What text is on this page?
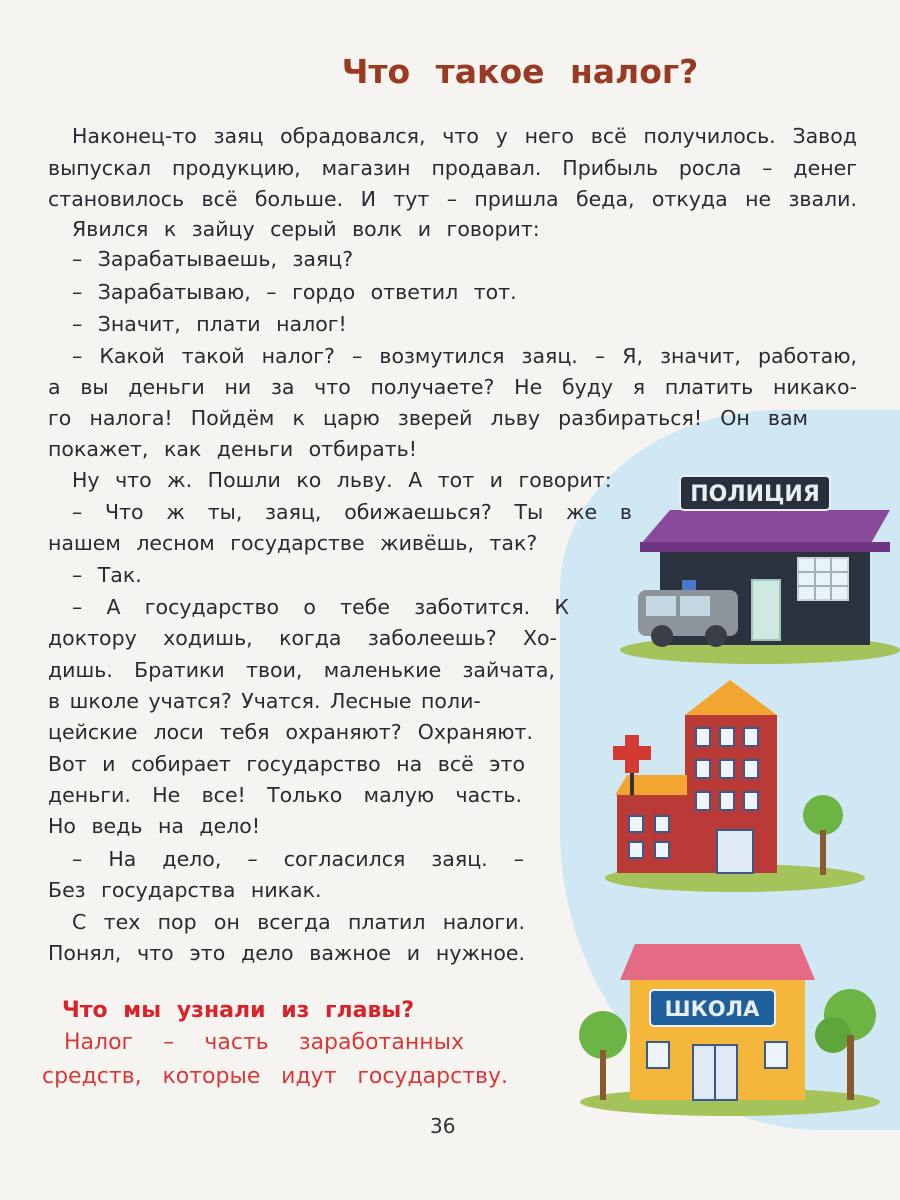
Что такое налог?
Наконец-то заяц обрадовался, что у него всё получилось. Завод
выпускал продукцию, магазин продавал. Прибыль росла – денег
становилось всё больше. И тут – пришла беда, откуда не звали.
Явился к зайцу серый волк и говорит:
– Зарабатываешь, заяц?
– Зарабатываю, – гордо ответил тот.
– Значит, плати налог!
– Какой такой налог? – возмутился заяц. – Я, значит, работаю,
а вы деньги ни за что получаете? Не буду я платить никако-
го налога! Пойдём к царю зверей льву разбираться! Он вам
покажет, как деньги отбирать!
Ну что ж. Пошли ко льву. А тот и говорит:
– Что ж ты, заяц, обижаешься? Ты же в
нашем лесном государстве живёшь, так?
– Так.
– А государство о тебе заботится. К
доктору ходишь, когда заболеешь? Хо-
дишь. Братики твои, маленькие зайчата,
в школе учатся? Учатся. Лесные поли-
цейские лоси тебя охраняют? Охраняют.
Вот и собирает государство на всё это
деньги. Не все! Только малую часть.
Но ведь на дело!
– На дело, – согласился заяц. –
Без государства никак.
С тех пор он всегда платил налоги.
Понял, что это дело важное и нужное.
ПОЛИЦИЯ
ШКОЛА
Что мы узнали из главы?
Налог – часть заработанных
средств, которые идут государству.
36
